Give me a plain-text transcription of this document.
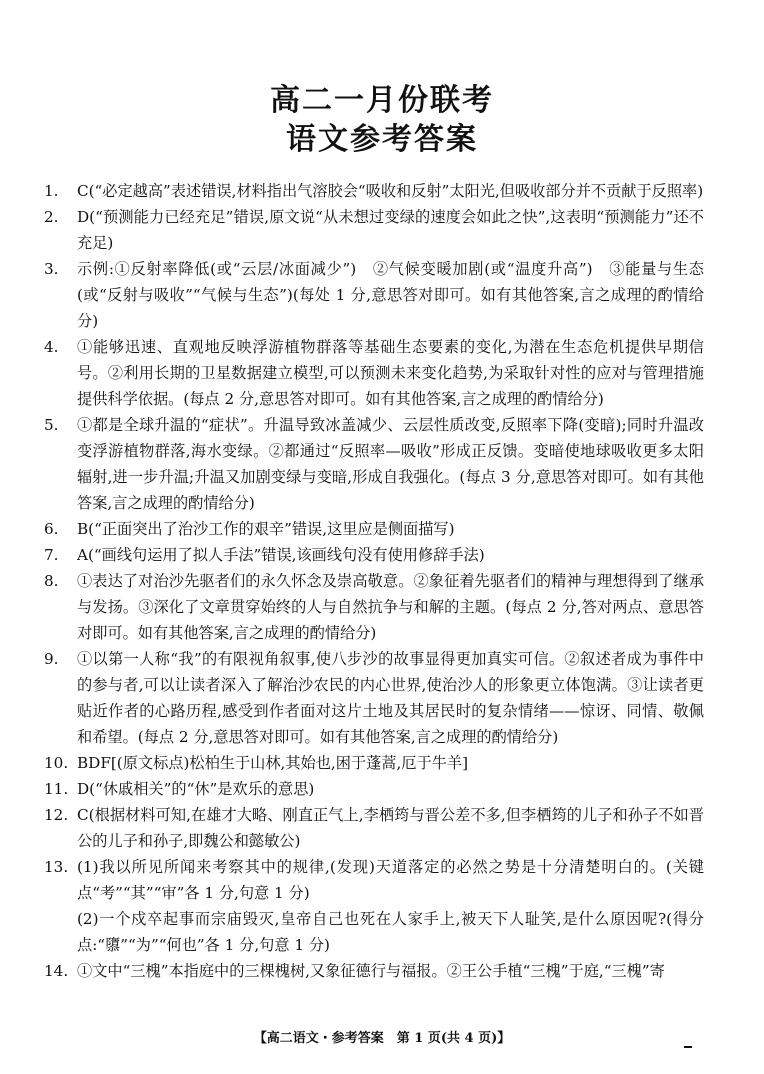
高二一月份联考
语文参考答案
1. C(“必定越高”表述错误,材料指出气溶胶会“吸收和反射”太阳光,但吸收部分并不贡献于反照率)
2. D(“预测能力已经充足”错误,原文说“从未想过变绿的速度会如此之快”,这表明“预测能力”还不充足)
3. 示例:①反射率降低(或“云层/冰面减少”)　②气候变暖加剧(或“温度升高”)　③能量与生态(或“反射与吸收”“气候与生态”)(每处 1 分,意思答对即可。如有其他答案,言之成理的酌情给分)
4. ①能够迅速、直观地反映浮游植物群落等基础生态要素的变化,为潜在生态危机提供早期信号。②利用长期的卫星数据建立模型,可以预测未来变化趋势,为采取针对性的应对与管理措施提供科学依据。(每点 2 分,意思答对即可。如有其他答案,言之成理的酌情给分)
5. ①都是全球升温的“症状”。升温导致冰盖减少、云层性质改变,反照率下降(变暗);同时升温改变浮游植物群落,海水变绿。②都通过“反照率—吸收”形成正反馈。变暗使地球吸收更多太阳辐射,进一步升温;升温又加剧变绿与变暗,形成自我强化。(每点 3 分,意思答对即可。如有其他答案,言之成理的酌情给分)
6. B(“正面突出了治沙工作的艰辛”错误,这里应是侧面描写)
7. A(“画线句运用了拟人手法”错误,该画线句没有使用修辞手法)
8. ①表达了对治沙先驱者们的永久怀念及崇高敬意。②象征着先驱者们的精神与理想得到了继承与发扬。③深化了文章贯穿始终的人与自然抗争与和解的主题。(每点 2 分,答对两点、意思答对即可。如有其他答案,言之成理的酌情给分)
9. ①以第一人称“我”的有限视角叙事,使八步沙的故事显得更加真实可信。②叙述者成为事件中的参与者,可以让读者深入了解治沙农民的内心世界,使治沙人的形象更立体饱满。③让读者更贴近作者的心路历程,感受到作者面对这片土地及其居民时的复杂情绪——惊讶、同情、敬佩和希望。(每点 2 分,意思答对即可。如有其他答案,言之成理的酌情给分)
10. BDF[(原文标点)松柏生于山林,其始也,困于蓬蒿,厄于牛羊]
11. D(“休戚相关”的“休”是欢乐的意思)
12. C(根据材料可知,在雄才大略、刚直正气上,李栖筠与晋公差不多,但李栖筠的儿子和孙子不如晋公的儿子和孙子,即魏公和懿敏公)
13. (1)我以所见所闻来考察其中的规律,(发现)天道落定的必然之势是十分清楚明白的。(关键点“考”“其”“审”各 1 分,句意 1 分)
(2)一个戍卒起事而宗庙毁灭,皇帝自己也死在人家手上,被天下人耻笑,是什么原因呢?(得分点:“隳”“为”“何也”各 1 分,句意 1 分)
14. ①文中“三槐”本指庭中的三棵槐树,又象征德行与福报。②王公手植“三槐”于庭,“三槐”寄
【高二语文・参考答案　第 1 页(共 4 页)】
